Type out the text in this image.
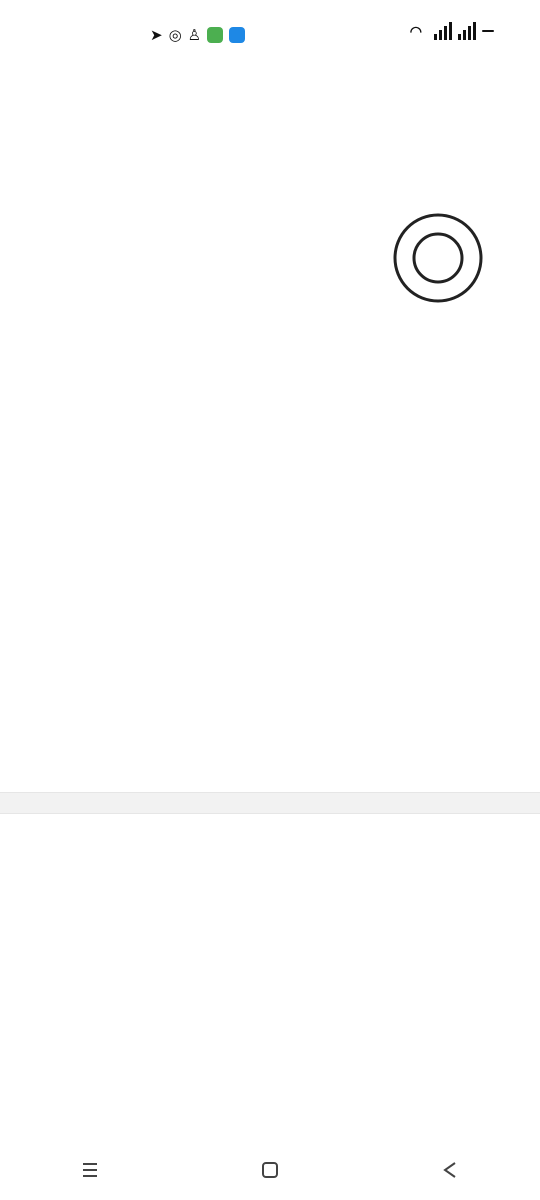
➤ ◎ ♙	◠
